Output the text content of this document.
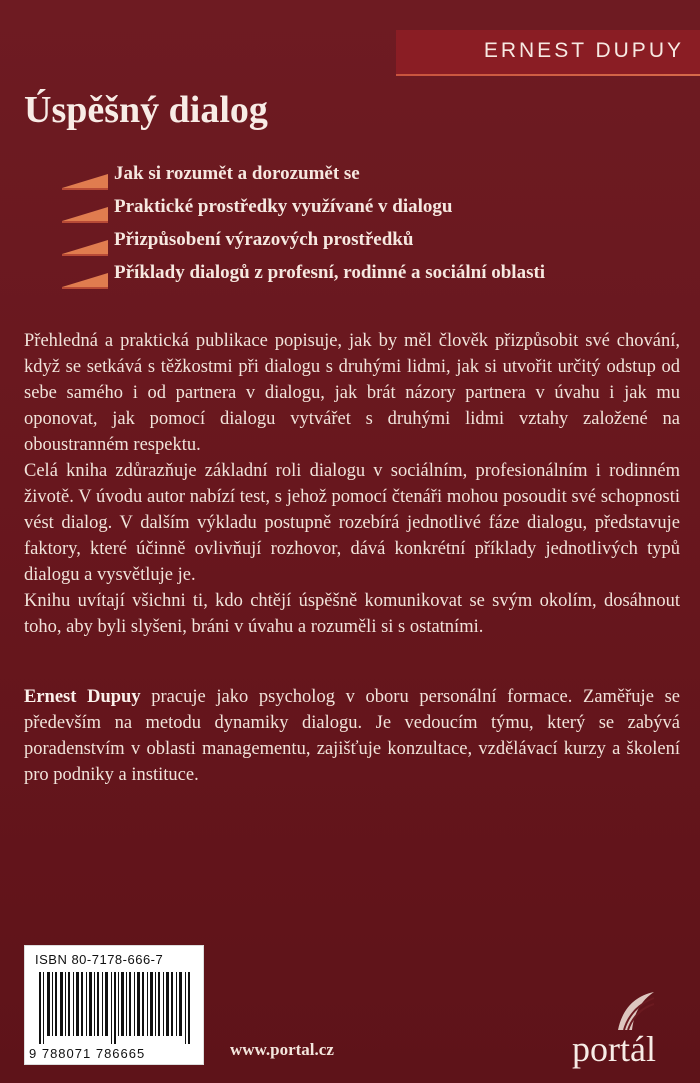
ERNEST DUPUY
Úspěšný dialog
Jak si rozumět a dorozumět se
Praktické prostředky využívané v dialogu
Přizpůsobení výrazových prostředků
Příklady dialogů z profesní, rodinné a sociální oblasti

Přehledná a praktická publikace popisuje, jak by měl člověk přizpůsobit své chování, když se setkává s těžkostmi při dialogu s druhými lidmi, jak si utvořit určitý odstup od sebe samého i od partnera v dialogu, jak brát názory partnera v úvahu i jak mu oponovat, jak pomocí dialogu vytvářet s druhými lidmi vztahy založené na oboustranném respektu.

Celá kniha zdůrazňuje základní roli dialogu v sociálním, profesionálním i rodinném životě. V úvodu autor nabízí test, s jehož pomocí čtenáři mohou posoudit své schopnosti vést dialog. V dalším výkladu postupně rozebírá jednotlivé fáze dialogu, představuje faktory, které účinně ovlivňují rozhovor, dává konkrétní příklady jednotlivých typů dialogu a vysvětluje je.

Knihu uvítají všichni ti, kdo chtějí úspěšně komunikovat se svým okolím, dosáhnout toho, aby byli slyšeni, bráni v úvahu a rozuměli si s ostatními.

Ernest Dupuy pracuje jako psycholog v oboru personální formace. Zaměřuje se především na metodu dynamiky dialogu. Je vedoucím týmu, který se zabývá poradenstvím v oblasti managementu, zajišťuje konzultace, vzdělávací kurzy a školení pro podniky a instituce.

ISBN 80-7178-666-7
9 788071 786665	www.portal.cz	portál
